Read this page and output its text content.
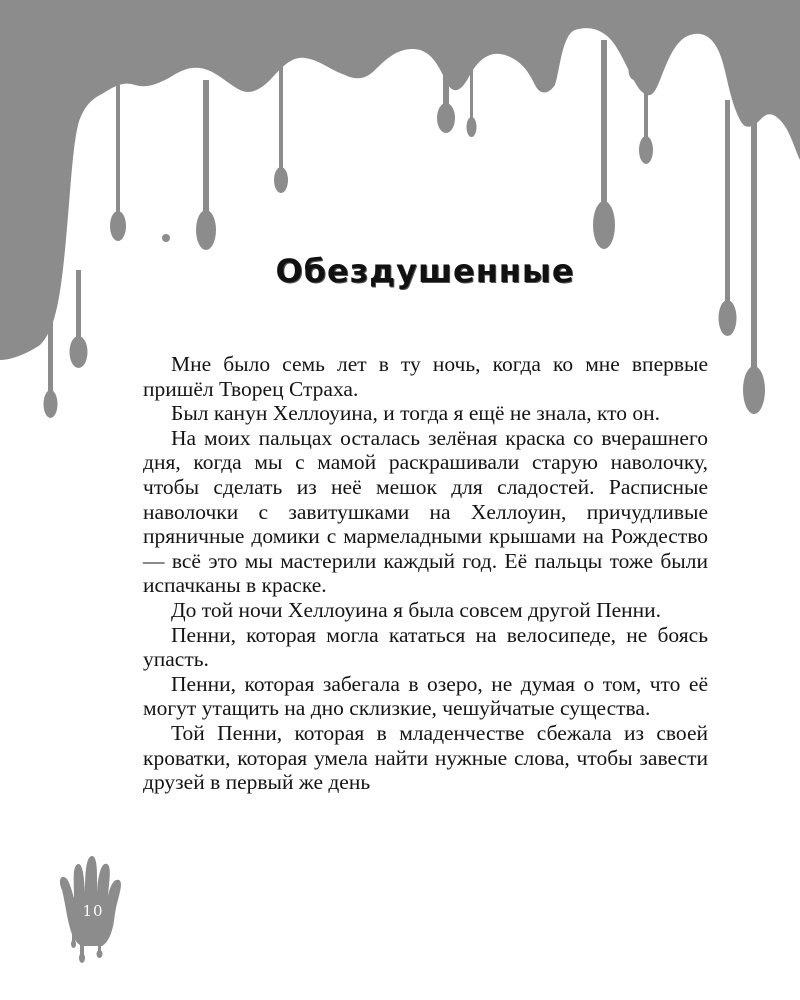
Обездушенные

Мне было семь лет в ту ночь, когда ко мне впервые пришёл Творец Страха.

Был канун Хеллоуина, и тогда я ещё не знала, кто он.

На моих пальцах осталась зелёная краска со вчерашнего дня, когда мы с мамой раскрашивали старую наволочку, чтобы сделать из неё мешок для сладостей. Расписные наволочки с завитушками на Хеллоуин, причудливые пряничные домики с мармеладными крышами на Рождество — всё это мы мастерили каждый год. Её пальцы тоже были испачканы в краске.

До той ночи Хеллоуина я была совсем другой Пенни.

Пенни, которая могла кататься на велосипеде, не боясь упасть.

Пенни, которая забегала в озеро, не думая о том, что её могут утащить на дно склизкие, чешуйчатые существа.

Той Пенни, которая в младенчестве сбежала из своей кроватки, которая умела найти нужные слова, чтобы завести друзей в первый же день

10
